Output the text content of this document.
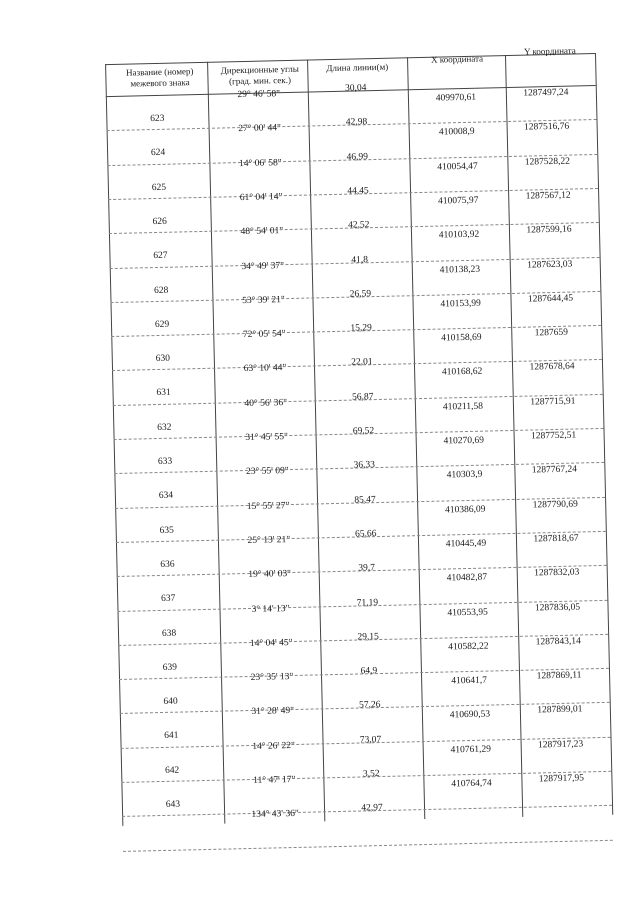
Название (номер) межевого знака
Дирекционные углы (град. мин. сек.)
Длина линии(м)
X координата
Y координата
623
624
625
626
627
628
629
630
631
632
633
634
635
636
637
638
639
640
641
642
643
29° 46' 58"
27° 00' 44"
14° 06' 58"
61° 04' 14"
48° 54' 01"
34° 49' 37"
53° 39' 21"
72° 05' 54"
63° 10' 44"
40° 56' 36"
31° 45' 55"
23° 55' 09"
15° 55' 27"
25° 13' 21"
19° 40' 03"
3° 14' 13"
14° 04' 45"
23° 35' 13"
31° 28' 49"
14° 26' 22"
11° 47' 17"
134° 43' 36"
30,04
42,98
46,99
44,45
42,52
41,8
26,59
15,29
22,01
56,87
69,52
36,33
85,47
65,66
39,7
71,19
29,15
64,9
57,26
73,07
3,52
42,97
409970,61
410008,9
410054,47
410075,97
410103,92
410138,23
410153,99
410158,69
410168,62
410211,58
410270,69
410303,9
410386,09
410445,49
410482,87
410553,95
410582,22
410641,7
410690,53
410761,29
410764,74
1287497,24
1287516,76
1287528,22
1287567,12
1287599,16
1287623,03
1287644,45
1287659
1287678,64
1287715,91
1287752,51
1287767,24
1287790,69
1287818,67
1287832,03
1287836,05
1287843,14
1287869,11
1287899,01
1287917,23
1287917,95
